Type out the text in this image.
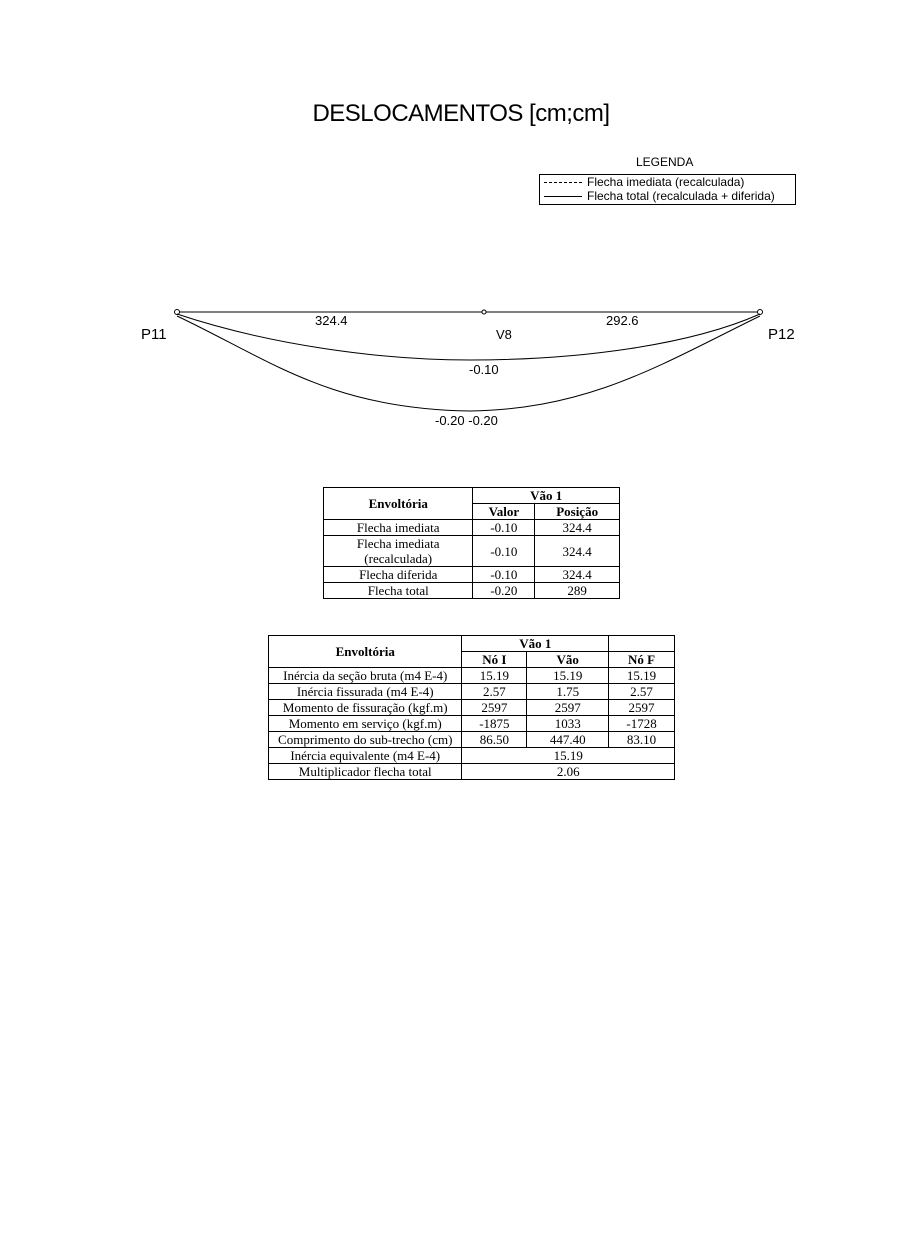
DESLOCAMENTOS [cm;cm]
LEGENDA
Flecha imediata (recalculada)
Flecha total (recalculada + diferida)
P11	P12
V8
324.4	292.6
-0.10
-0.20 -0.20
Envoltória	Vão 1	
	Valor	Posição
Flecha imediata	-0.10	324.4
Flecha imediata (recalculada)	-0.10	324.4
Flecha diferida	-0.10	324.4
Flecha total	-0.20	289
Envoltória	Vão 1		
	Nó I	Vão	Nó F
Inércia da seção bruta (m4 E-4)	15.19	15.19	15.19
Inércia fissurada (m4 E-4)	2.57	1.75	2.57
Momento de fissuração (kgf.m)	2597	2597	2597
Momento em serviço (kgf.m)	-1875	1033	-1728
Comprimento do sub-trecho (cm)	86.50	447.40	83.10
Inércia equivalente (m4 E-4)	15.19		
Multiplicador flecha total	2.06		
